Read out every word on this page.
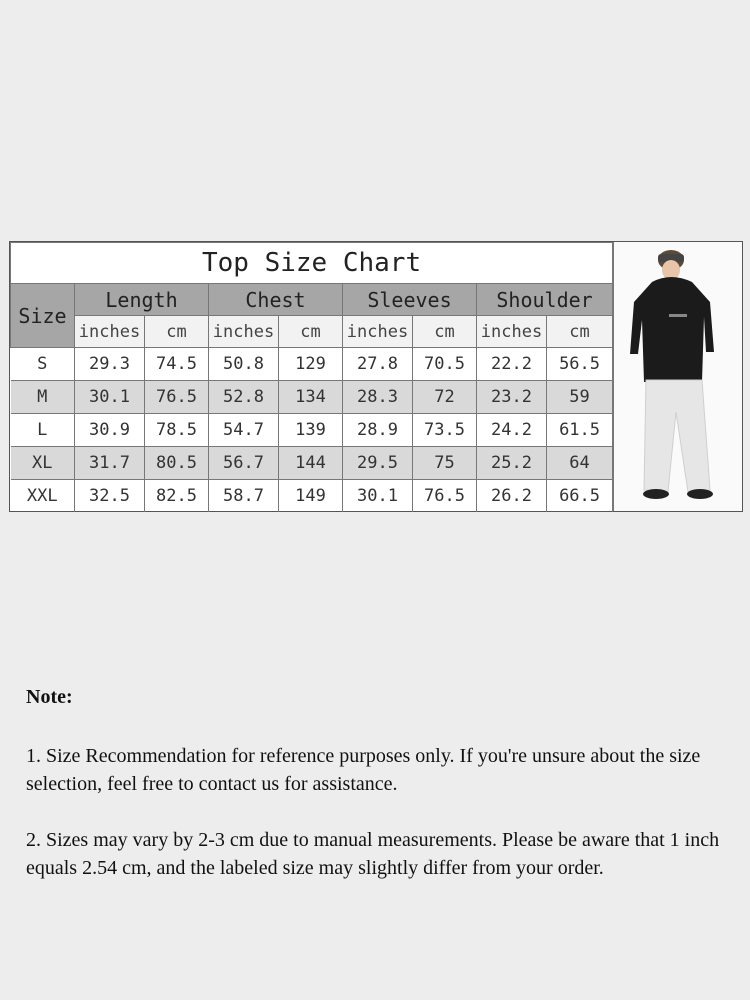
Top Size Chart								
Size	Length		Chest		Sleeves		Shoulder	
	inches	cm	inches	cm	inches	cm	inches	cm
S	29.3	74.5	50.8	129	27.8	70.5	22.2	56.5
M	30.1	76.5	52.8	134	28.3	72	23.2	59
L	30.9	78.5	54.7	139	28.9	73.5	24.2	61.5
XL	31.7	80.5	56.7	144	29.5	75	25.2	64
XXL	32.5	82.5	58.7	149	30.1	76.5	26.2	66.5
Note:
1. Size Recommendation for reference purposes only. If you're unsure about the size selection, feel free to contact us for assistance.
2. Sizes may vary by 2-3 cm due to manual measurements. Please be aware that 1 inch equals 2.54 cm, and the labeled size may slightly differ from your order.
